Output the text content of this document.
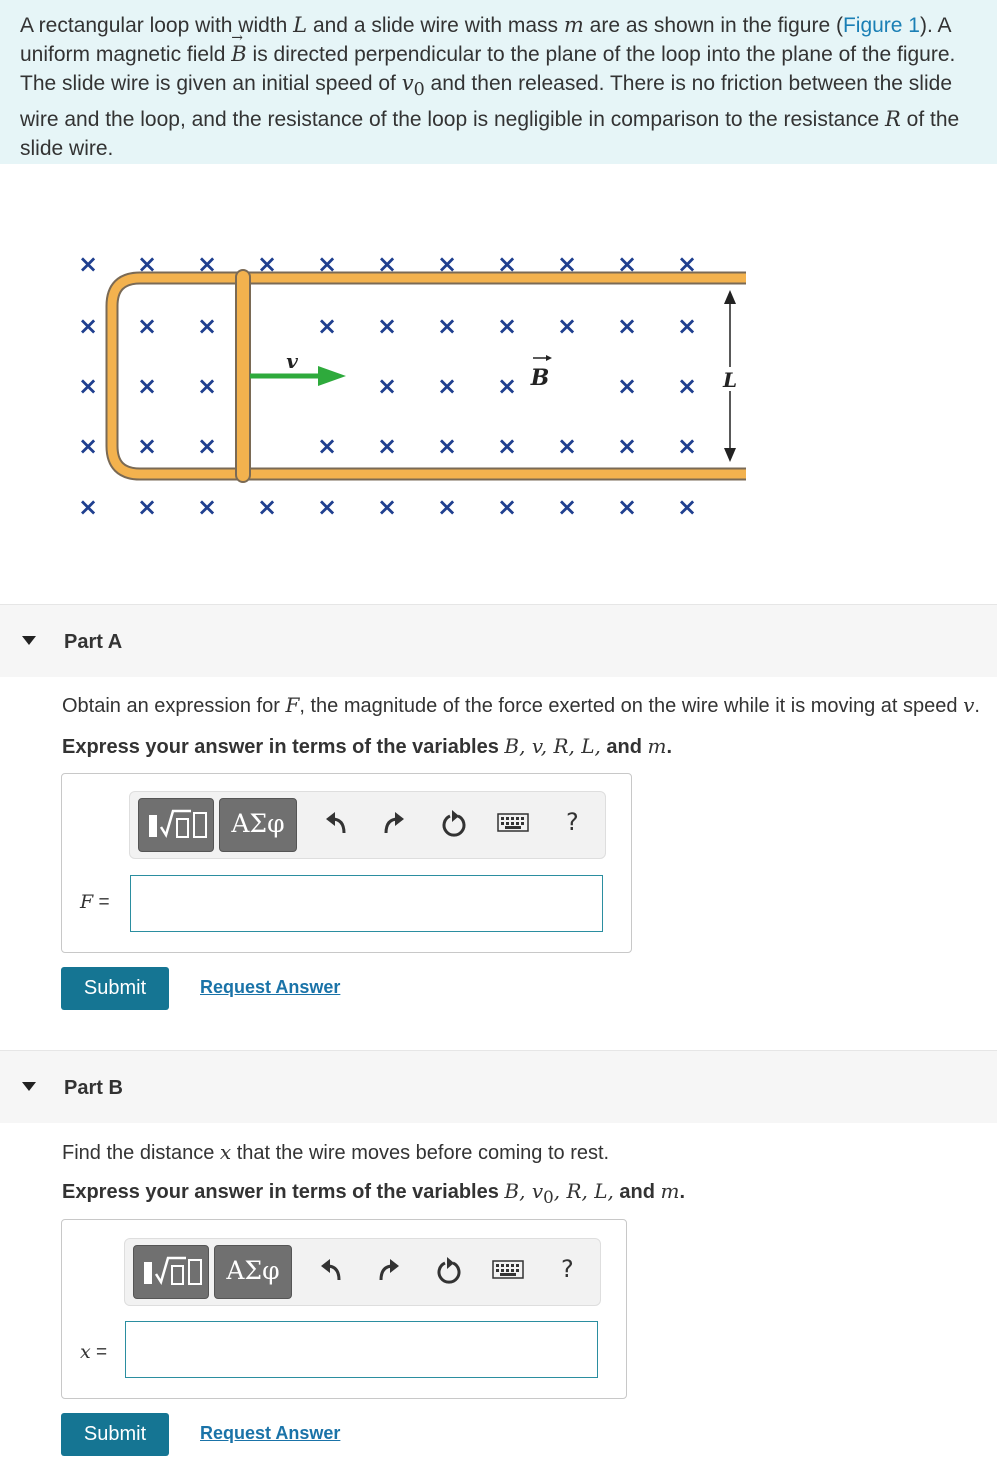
A rectangular loop with width L and a slide wire with mass m are as shown in the figure (Figure 1). A uniform magnetic field → B is directed perpendicular to the plane of the loop into the plane of the figure. The slide wire is given an initial speed of $v_0$ and then released. There is no friction between the slide wire and the loop, and the resistance of the loop is negligible in comparison to the resistance R of the slide wire.

× × × × × × × × × × ×
× × ×	× × × × × × ×
× × ×	× × ×	× ×
× × ×	× × × × × × ×
× × × × × × × × × × ×
v
B	L
Part A
Obtain an expression for F, the magnitude of the force exerted on the wire while it is moving at speed v.
Express your answer in terms of the variables B, v, R, L, and m.
ΑΣφ	?
F =
Submit	Request Answer
Part B
Find the distance x that the wire moves before coming to rest.
Express your answer in terms of the variables B, $v_0$, R, L, and m.
ΑΣφ	?
x =
Submit	Request Answer
